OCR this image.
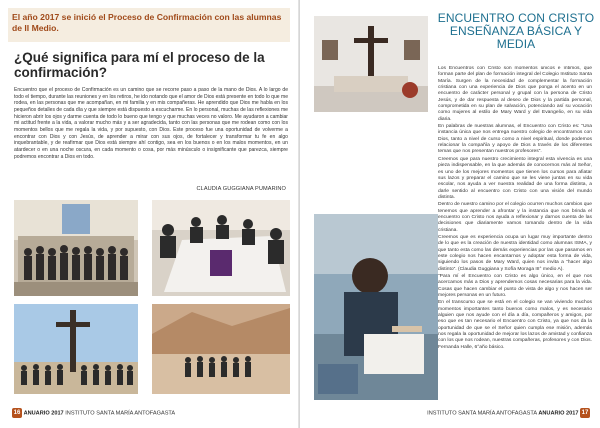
El año 2017 se inició el Proceso de Confirmación con las alumnas de II Medio.
¿Qué significa para mí el proceso de la confirmación?
Encuentro que el proceso de Confirmación es un camino que se recorre paso a paso de la mano de Dios. A lo largo de todo el tiempo, durante las reuniones y en los retiros, he ido notando que el amor de Dios está presente en todo lo que me rodea, en las personas que me acompañan, en mi familia y en mis compañeras. He aprendido que Dios me habla en los pequeños detalles de cada día y que siempre está dispuesto a escucharme. En lo personal, muchas de las reflexiones me hicieron abrir los ojos y darme cuenta de todo lo bueno que tengo y que muchas veces no valoro. Me ayudaron a cambiar mi actitud frente a la vida, a valorar mucho más y a ser agradecida, tanto con las personas que me rodean como con los momentos bellos que me regala la vida, y por supuesto, con Dios. Este proceso fue una oportunidad de volverme a encontrar con Dios y con Jesús, de aprender a mirar con sus ojos, de fortalecer y transformar tu fe en algo inquebrantable, y de reafirmar que Dios está siempre ahí contigo, sea en los buenos o en los malos momentos, en un atardecer o en una noche oscura, en cada momento o cosa, por más minúsculo o insignificante que parezca, siempre podremos encontrar a Dios en todo.
CLAUDIA GUGGIANA PUMARINO
16 ANUARIO 2017 INSTITUTO SANTA MARÍA ANTOFAGASTA
ENCUENTRO CON CRISTO ENSEÑANZA BÁSICA Y MEDIA

Los Encuentros con Cristo son momentos únicos e íntimos, que forman parte del plan de formación integral del Colegio Instituto Santa María. Surgen de la necesidad de complementar la formación cristiana con una experiencia de Dios que ponga el acento en un encuentro de carácter personal y grupal con la persona de Cristo Jesús, y de dar respuesta al deseo de Dios y la partida personal, comprometida en su plan de salvación, potenciando así su vocación como mujeres al estilo de Mary Ward y del Evangelio, en su vida diaria.

En palabras de nuestras alumnas, el Encuentro con Cristo es: “Una instancia única que nos entrega nuestro colegio de encontrarnos con Dios, tanto a nivel de curso como a nivel espiritual, donde podemos relacionar la compañía y apoyo de Dios a través de los diferentes temas que nos presentan nuestros profesores”.

Creemos que para nuestro crecimiento integral esta vivencia es una pieza indispensable, en la que además de conocernos más al Señor, es uno de los mejores momentos que tienen los cursos para afiatar sus lazos y preparar el camino que se les viene juntas en su vida escolar, nos ayuda a ver nuestra realidad de una forma distinta, a darle sentido al encuentro con Cristo con una visión del mundo distinta.

Dentro de nuestro camino por el colegio ocurren muchos cambios que tenemos que aprender a afrontar y la instancia que nos brinda el encuentro con Cristo nos ayuda a reflexionar y darnos cuenta de las decisiones que diariamente vamos tomando dentro de la vida cristiana.

Creemos que es experiencia ocupa un lugar muy importante dentro de lo que es la creación de nuestra identidad como alumnas ISMA, y que tanto esta como las demás experiencias por las que pasamos en este colegio nos hacen encantarnos y adoptar esta forma de vida, siguiendo los pasos de Mary Ward, quien nos invita a “hacer algo distinto”. (Claudia Guggiana y Sofía Moraga III° medio A).

“Para mí el Encuentro con Cristo es algo único, en el que nos acercamos más a Dios y aprendemos cosas necesarias para la vida. Cosas que hacen cambiar el punto de vista de algo y nos hacen ser mejores personas en un futuro.

En el transcurso que se está en el colegio se van viviendo muchos momentos importantes tanto buenos como malos, y es necesario alguien que nos ayude con el día a día, compañeros y amigos, por eso que es tan necesario el Encuentro con Cristo, ya que nos da la oportunidad de que se el Señor quien cumpla ese misión, además nos regala la oportunidad de mejorar los lazos de amistad y confianza con los que nos rodean, nuestras compañeras, profesores y con Dios. Fernanda Halle, 6°año básico.

INSTITUTO SANTA MARÍA ANTOFAGASTA ANUARIO 2017 17
